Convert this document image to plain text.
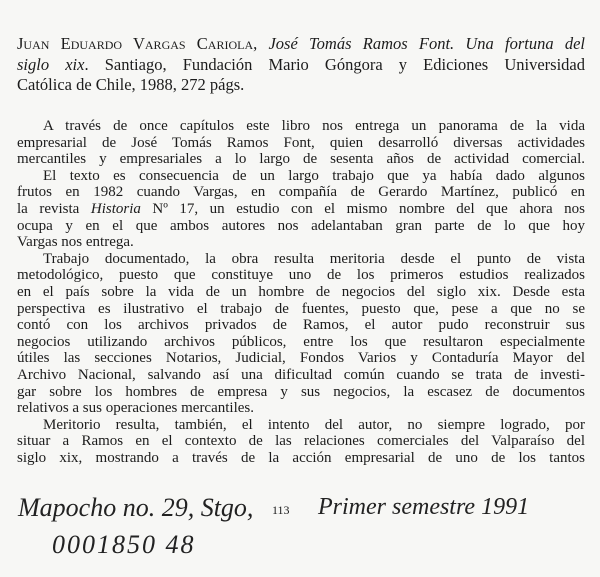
Juan Eduardo Vargas Cariola, José Tomás Ramos Font. Una fortuna del
siglo xix. Santiago, Fundación Mario Góngora y Ediciones Universidad
Católica de Chile, 1988, 272 págs.
A través de once capítulos este libro nos entrega un panorama de la vida
empresarial de José Tomás Ramos Font, quien desarrolló diversas actividades
mercantiles y empresariales a lo largo de sesenta años de actividad comercial.
El texto es consecuencia de un largo trabajo que ya había dado algunos
frutos en 1982 cuando Vargas, en compañía de Gerardo Martínez, publicó en
la revista Historia Nº 17, un estudio con el mismo nombre del que ahora nos
ocupa y en el que ambos autores nos adelantaban gran parte de lo que hoy
Vargas nos entrega.
Trabajo documentado, la obra resulta meritoria desde el punto de vista
metodológico, puesto que constituye uno de los primeros estudios realizados
en el país sobre la vida de un hombre de negocios del siglo xix. Desde esta
perspectiva es ilustrativo el trabajo de fuentes, puesto que, pese a que no se
contó con los archivos privados de Ramos, el autor pudo reconstruir sus
negocios utilizando archivos públicos, entre los que resultaron especialmente
útiles las secciones Notarios, Judicial, Fondos Varios y Contaduría Mayor del
Archivo Nacional, salvando así una dificultad común cuando se trata de investi-
gar sobre los hombres de empresa y sus negocios, la escasez de documentos
relativos a sus operaciones mercantiles.
Meritorio resulta, también, el intento del autor, no siempre logrado, por
situar a Ramos en el contexto de las relaciones comerciales del Valparaíso del
siglo xix, mostrando a través de la acción empresarial de uno de los tantos
Mapocho no. 29, Stgo, 113 Primer semestre 1991
0001850 48
